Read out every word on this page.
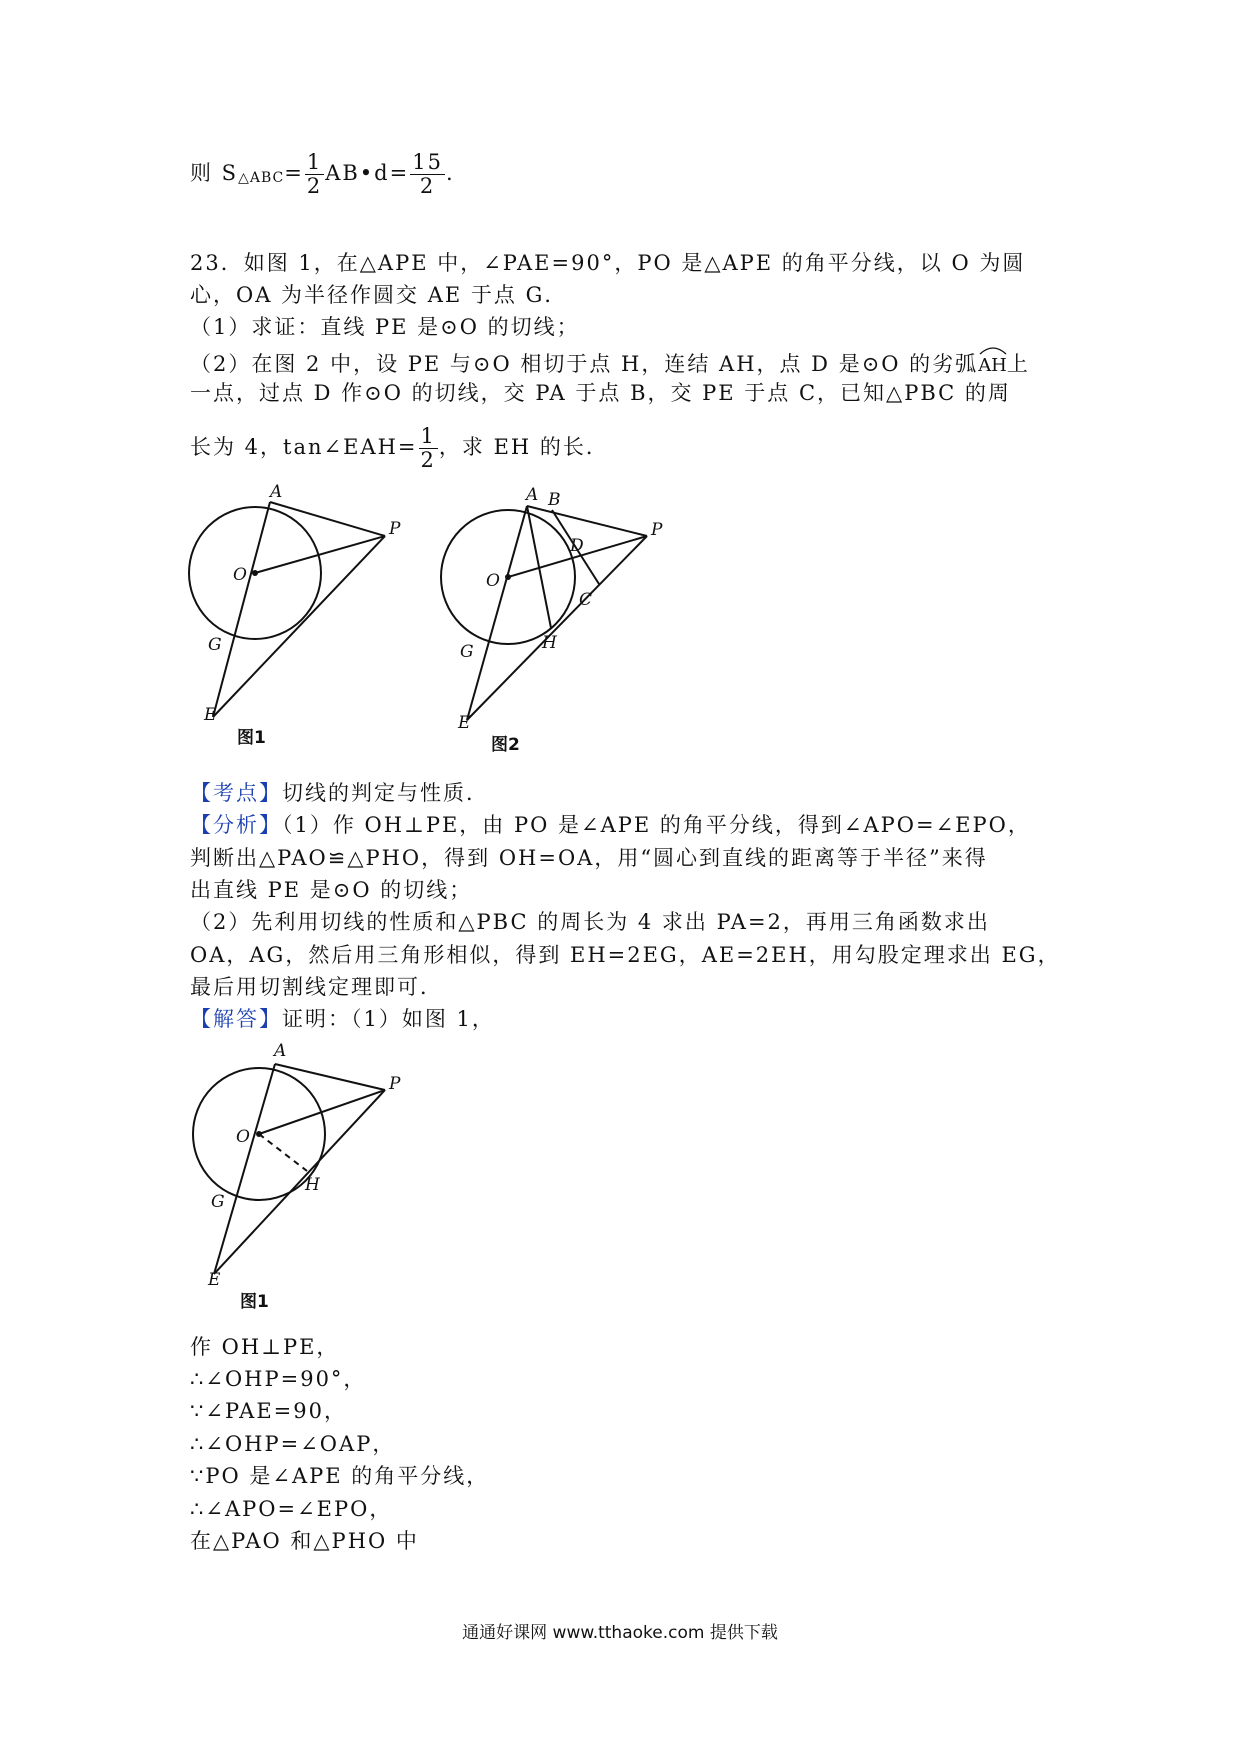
则 S△ABC= $\frac{1}{2}$ AB•d= $\frac{15}{2}$ .
23．如图 1，在△APE 中，∠PAE=90°，PO 是△APE 的角平分线，以 O 为圆
心，OA 为半径作圆交 AE 于点 G．
（1）求证：直线 PE 是⊙O 的切线；
（2）在图 2 中，设 PE 与⊙O 相切于点 H，连结 AH，点 D 是⊙O 的劣弧
AH上
一点，过点 D 作⊙O 的切线，交 PA 于点 B，交 PE 于点 C，已知△PBC 的周
长为 4，tan∠EAH= $\frac{1}{2}$ ，求 EH 的长．
A
P
O
G
E
图1
A B
P
D
O
C
G	H
E
图2
【考点】切线的判定与性质．
【分析】（1）作 OH⊥PE，由 PO 是∠APE 的角平分线，得到∠APO=∠EPO，
判断出△PAO≌△PHO，得到 OH=OA，用“圆心到直线的距离等于半径”来得
出直线 PE 是⊙O 的切线；
（2）先利用切线的性质和△PBC 的周长为 4 求出 PA=2，再用三角函数求出
OA，AG，然后用三角形相似，得到 EH=2EG，AE=2EH，用勾股定理求出 EG，
最后用切割线定理即可．
【解答】证明：（1）如图 1，
A
P
O
H
G
E
图1
作 OH⊥PE，
∴∠OHP=90°，
∵∠PAE=90，
∴∠OHP=∠OAP，
∵PO 是∠APE 的角平分线，
∴∠APO=∠EPO，
在△PAO 和△PHO 中
通通好课网 www.tthaoke.com 提供下载
